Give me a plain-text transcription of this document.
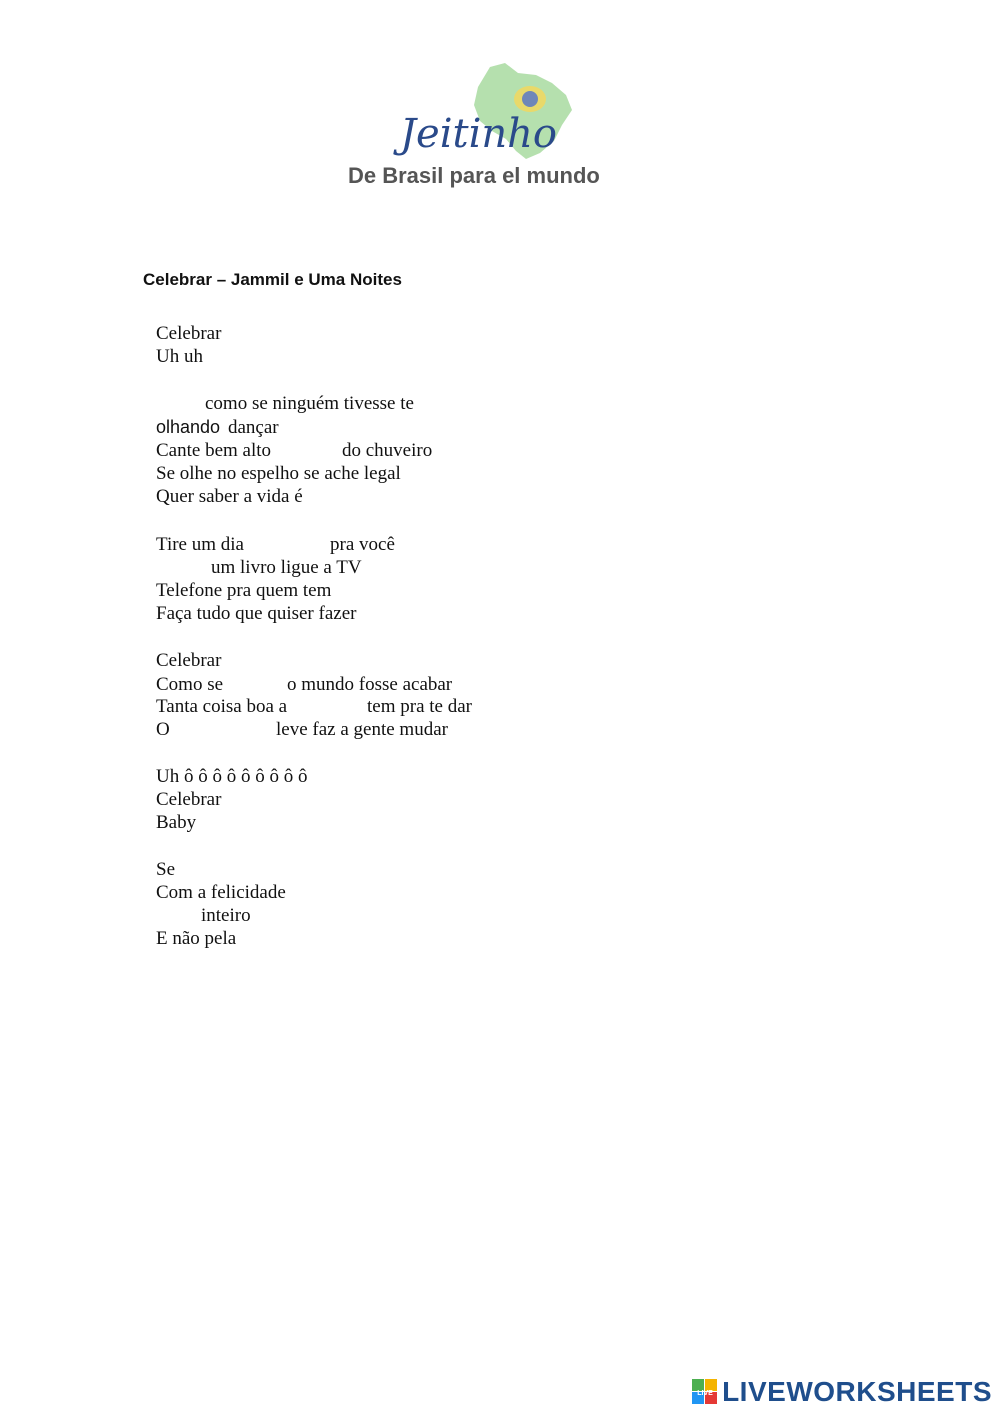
Jeitinho
De Brasil para el mundo
Celebrar – Jammil e Uma Noites
Celebrar
Uh uh
como se ninguém tivesse te
olhando dançar
Cante bem alto	do chuveiro
Se olhe no espelho se ache legal
Quer saber a vida é
Tire um dia	pra você
um livro ligue a TV
Telefone pra quem tem
Faça tudo que quiser fazer
Celebrar
Como se	o mundo fosse acabar
Tanta coisa boa a	tem pra te dar
O	leve faz a gente mudar
Uh ô ô ô ô ô ô ô ô ô
Celebrar
Baby
Se
Com a felicidade
inteiro
E não pela
LIVE LIVEWORKSHEETS
